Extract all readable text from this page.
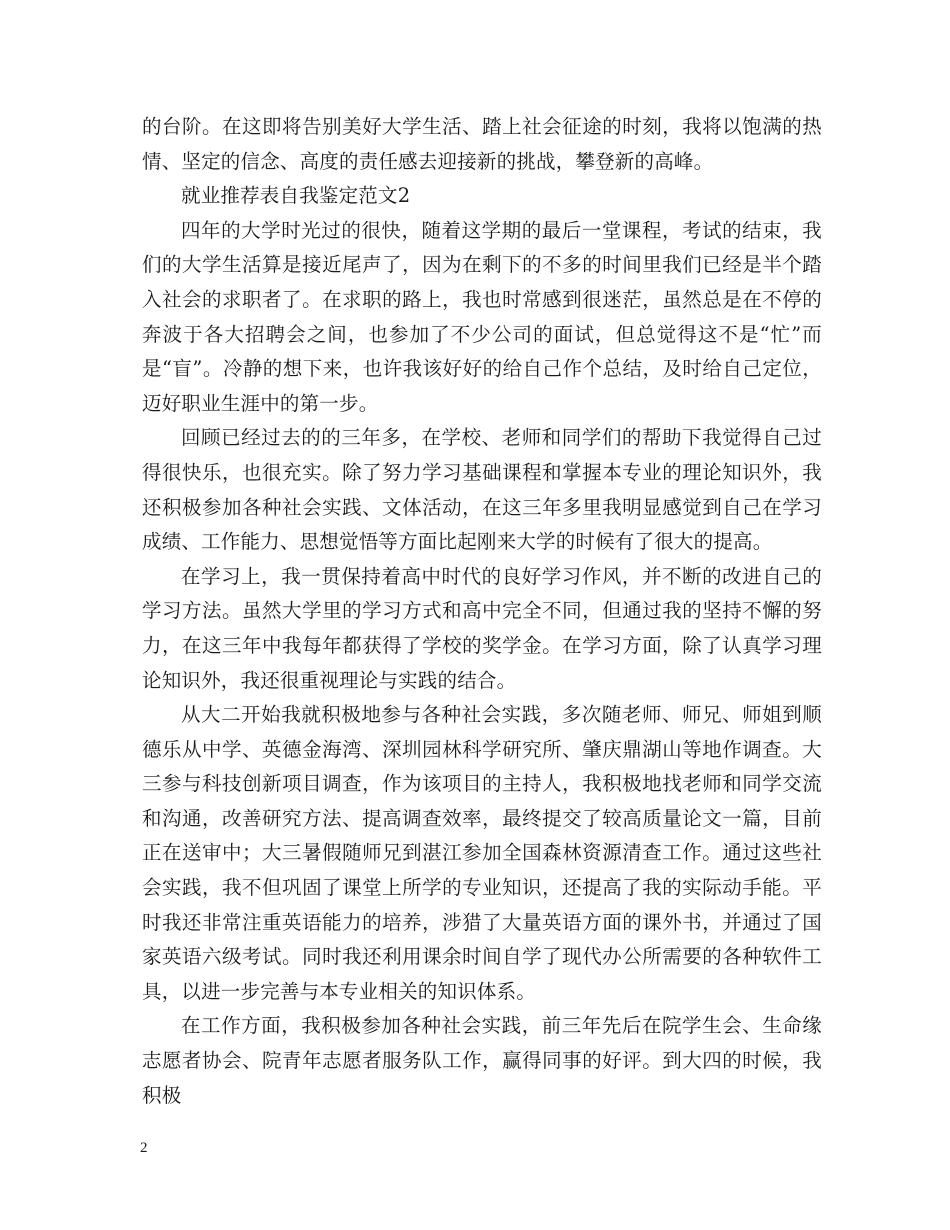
的台阶。在这即将告别美好大学生活、踏上社会征途的时刻，我将以饱满的热情、坚定的信念、高度的责任感去迎接新的挑战，攀登新的高峰。

就业推荐表自我鉴定范文2

四年的大学时光过的很快，随着这学期的最后一堂课程，考试的结束，我们的大学生活算是接近尾声了，因为在剩下的不多的时间里我们已经是半个踏入社会的求职者了。在求职的路上，我也时常感到很迷茫，虽然总是在不停的奔波于各大招聘会之间，也参加了不少公司的面试，但总觉得这不是“忙”而是“盲”。冷静的想下来，也许我该好好的给自己作个总结，及时给自己定位，迈好职业生涯中的第一步。

回顾已经过去的的三年多，在学校、老师和同学们的帮助下我觉得自己过得很快乐，也很充实。除了努力学习基础课程和掌握本专业的理论知识外，我还积极参加各种社会实践、文体活动，在这三年多里我明显感觉到自己在学习成绩、工作能力、思想觉悟等方面比起刚来大学的时候有了很大的提高。

在学习上，我一贯保持着高中时代的良好学习作风，并不断的改进自己的学习方法。虽然大学里的学习方式和高中完全不同，但通过我的坚持不懈的努力，在这三年中我每年都获得了学校的奖学金。在学习方面，除了认真学习理论知识外，我还很重视理论与实践的结合。

从大二开始我就积极地参与各种社会实践，多次随老师、师兄、师姐到顺德乐从中学、英德金海湾、深圳园林科学研究所、肇庆鼎湖山等地作调查。大三参与科技创新项目调查，作为该项目的主持人，我积极地找老师和同学交流和沟通，改善研究方法、提高调查效率，最终提交了较高质量论文一篇，目前正在送审中；大三暑假随师兄到湛江参加全国森林资源清查工作。通过这些社会实践，我不但巩固了课堂上所学的专业知识，还提高了我的实际动手能。平时我还非常注重英语能力的培养，涉猎了大量英语方面的课外书，并通过了国家英语六级考试。同时我还利用课余时间自学了现代办公所需要的各种软件工具，以进一步完善与本专业相关的知识体系。

在工作方面，我积极参加各种社会实践，前三年先后在院学生会、生命缘志愿者协会、院青年志愿者服务队工作，赢得同事的好评。到大四的时候，我积极

2
